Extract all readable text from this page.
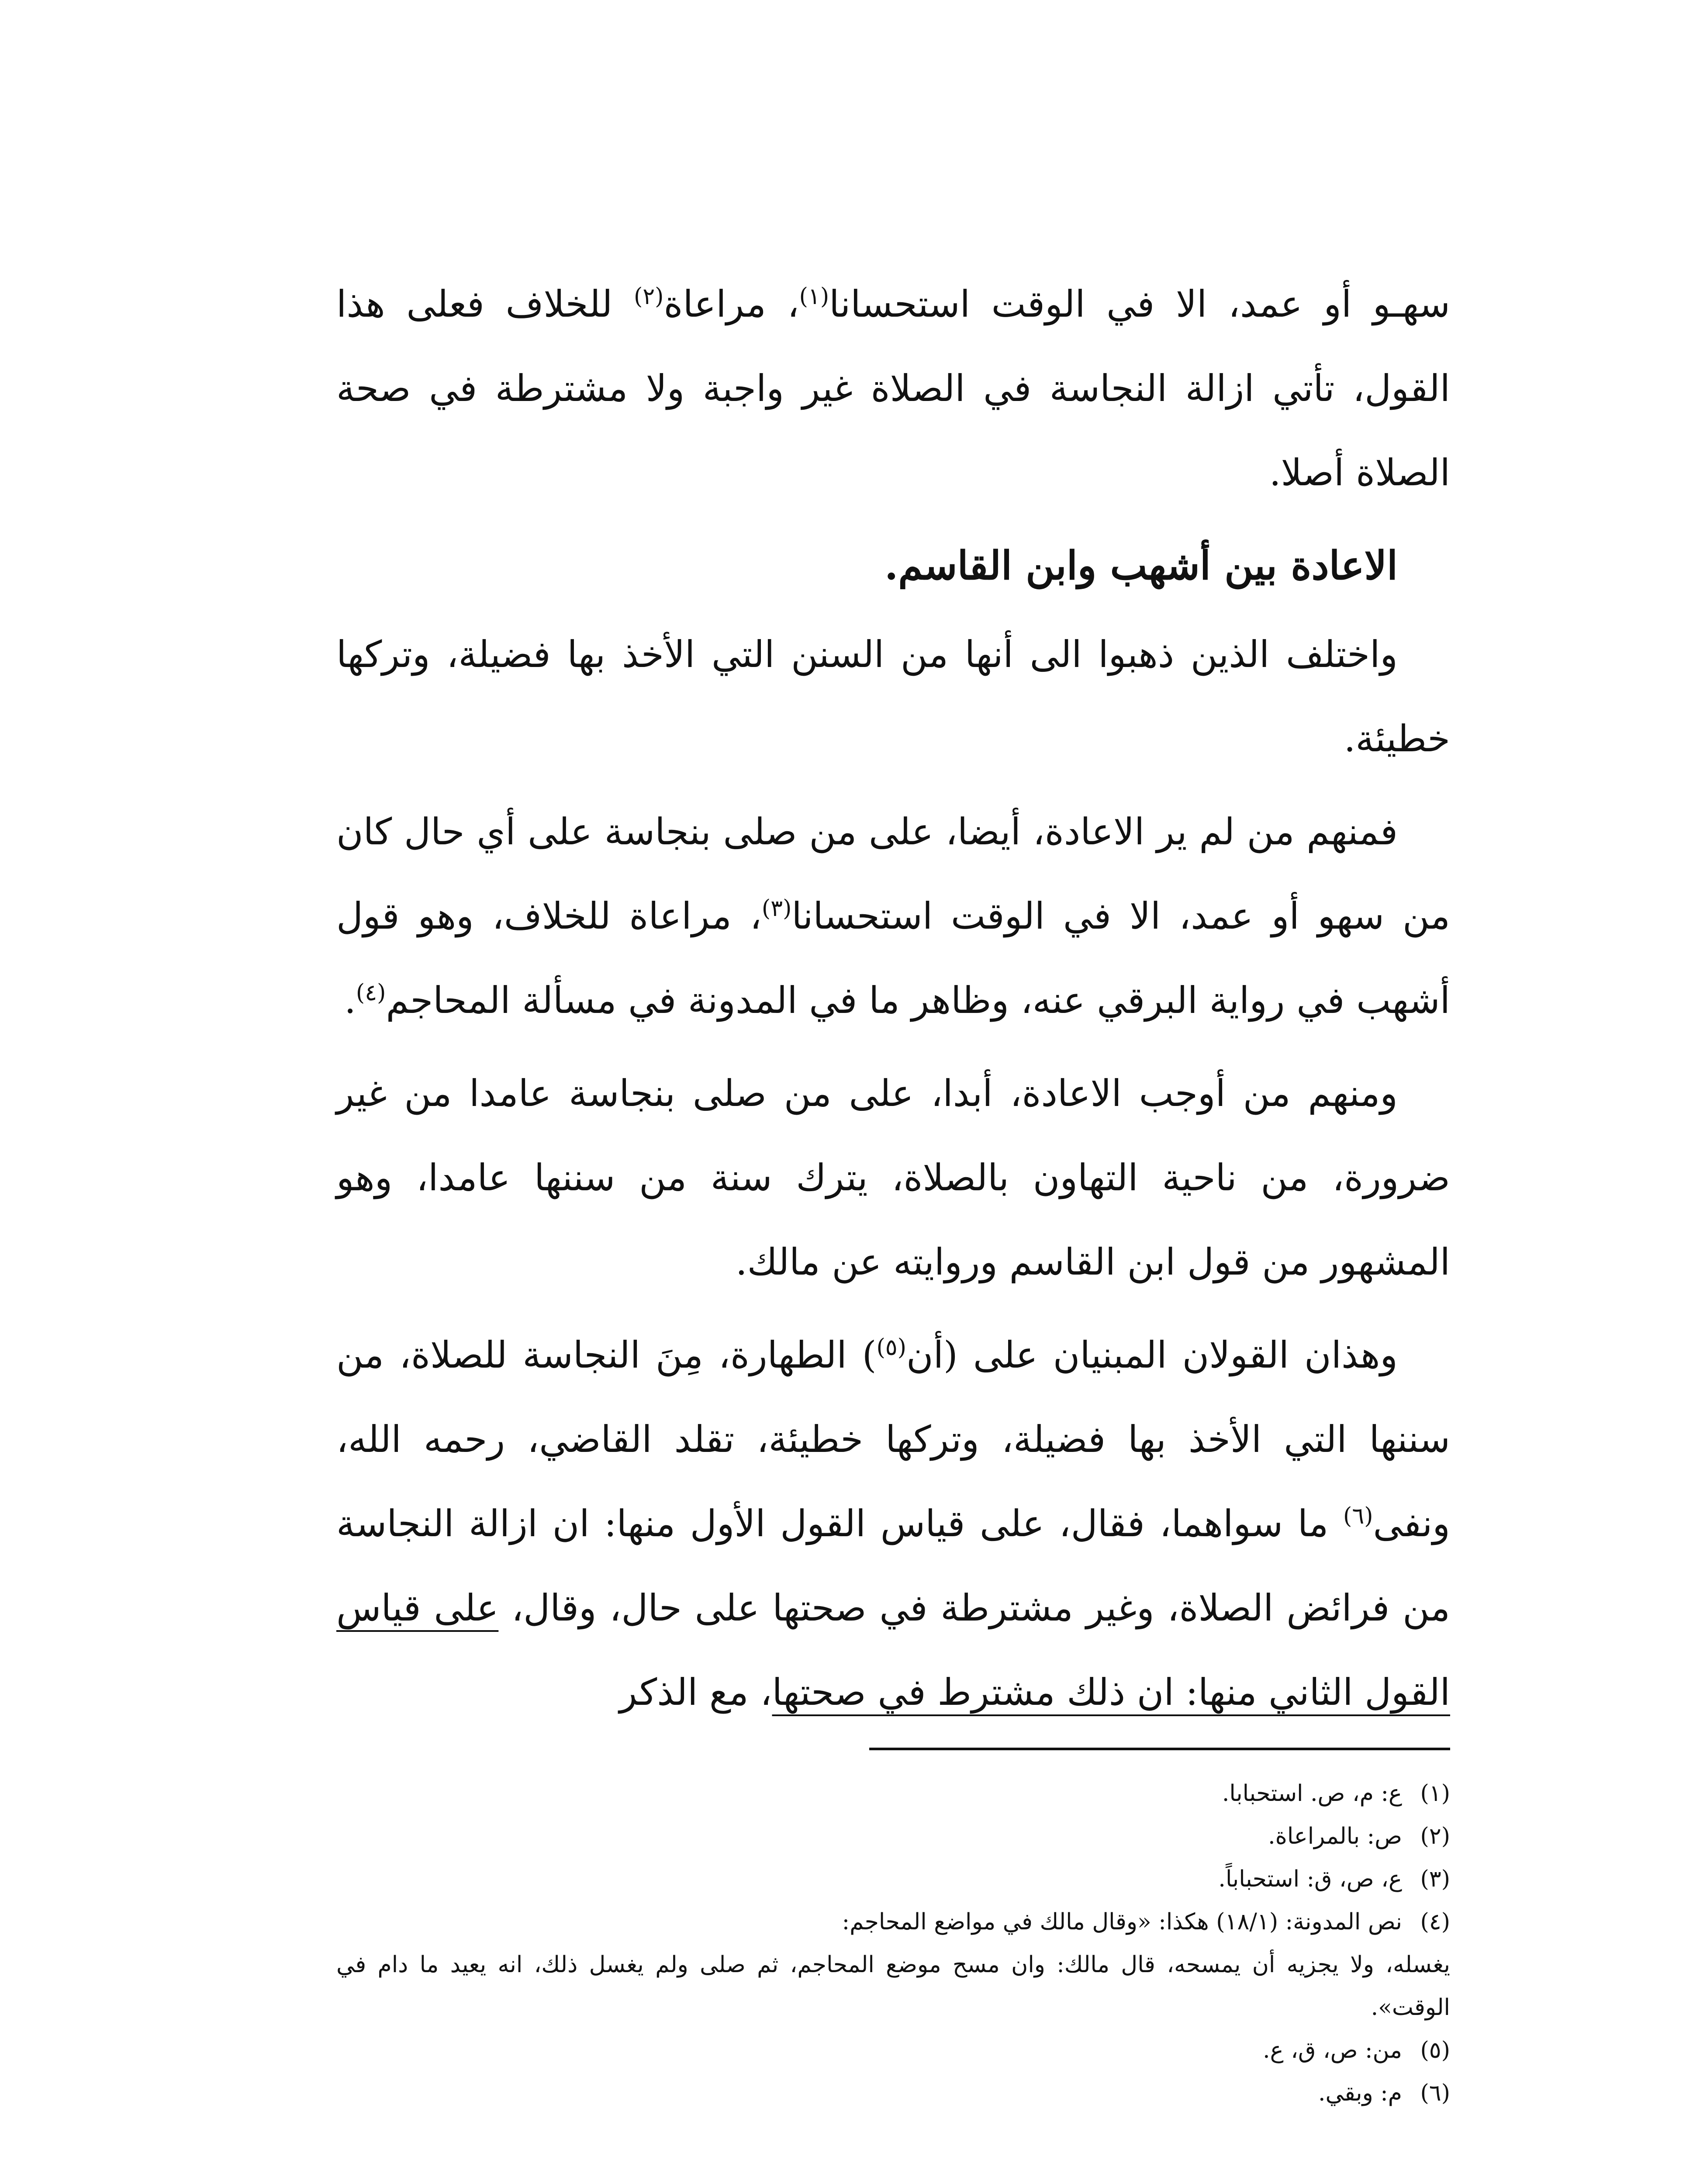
سهـو أو عمد، الا في الوقت استحسانا$^{(١)}$، مراعاة$^{(٢)}$ للخلاف فعلى هذا القول، تأتي ازالة النجاسة في الصلاة غير واجبة ولا مشترطة في صحة الصلاة أصلا.

الاعادة بين أشهب وابن القاسم.

واختلف الذين ذهبوا الى أنها من السنن التي الأخذ بها فضيلة، وتركها خطيئة.

فمنهم من لم ير الاعادة، أيضا، على من صلى بنجاسة على أي حال كان من سهو أو عمد، الا في الوقت استحسانا$^{(٣)}$، مراعاة للخلاف، وهو قول أشهب في رواية البرقي عنه، وظاهر ما في المدونة في مسألة المحاجم$^{(٤)}$.

ومنهم من أوجب الاعادة، أبدا، على من صلى بنجاسة عامدا من غير ضرورة، من ناحية التهاون بالصلاة، يترك سنة من سننها عامدا، وهو المشهور من قول ابن القاسم وروايته عن مالك.

وهذان القولان المبنيان على (أن$^{(٥)}$) الطهارة، مِنَ النجاسة للصلاة، من سننها التي الأخذ بها فضيلة، وتركها خطيئة، تقلد القاضي، رحمه الله، ونفى$^{(٦)}$ ما سواهما، فقال، على قياس القول الأول منها: ان ازالة النجاسة من فرائض الصلاة، وغير مشترطة في صحتها على حال، وقال، على قياس القول الثاني منها: ان ذلك مشترط في صحتها، مع الذكر

(١)
ع: م، ص. استحبابا.
(٢)
ص: بالمراعاة.
(٣)
ع، ص، ق: استحباباً.
(٤)
نص المدونة: (١٨/١) هكذا: «وقال مالك في مواضع المحاجم:
يغسله، ولا يجزيه أن يمسحه، قال مالك: وان مسح موضع المحاجم، ثم صلى ولم يغسل ذلك، انه يعيد ما دام في الوقت».
(٥)
من: ص، ق، ع.
(٦)
م: وبقي.
